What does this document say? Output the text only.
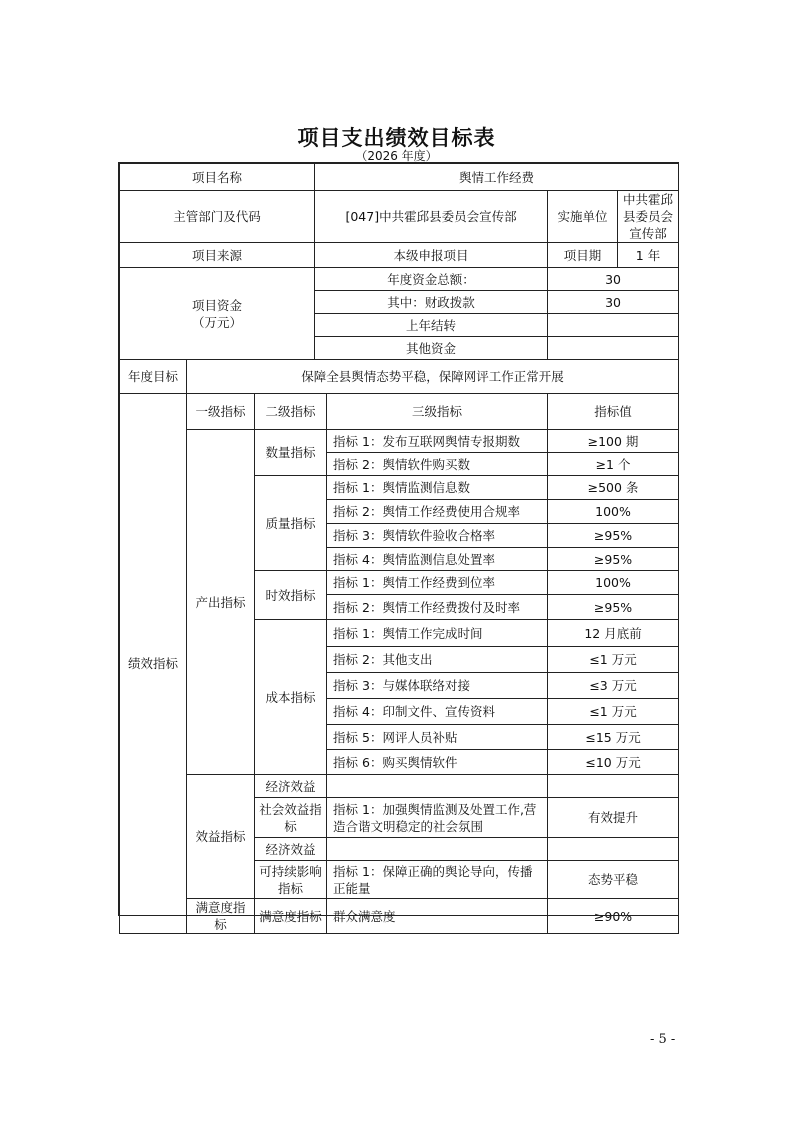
项目支出绩效目标表
（2026 年度）
项目名称			舆情工作经费			
主管部门及代码			[047]中共霍邱县委员会宣传部		实施单位	中共霍邱县委员会宣传部
项目来源			本级申报项目		项目期	1 年
项目资金
（万元）			年度资金总额：		30	
			其中：财政拨款		30	
			上年结转			
			其他资金			
年度目标	保障全县舆情态势平稳，保障网评工作正常开展					
绩效指标	一级指标	二级指标		三级指标	指标值	
	产出指标	数量指标		指标 1：发布互联网舆情专报期数	≥100 期	
				指标 2：舆情软件购买数	≥1 个	
		质量指标		指标 1：舆情监测信息数	≥500 条	
				指标 2：舆情工作经费使用合规率	100%	
				指标 3：舆情软件验收合格率	≥95%	
				指标 4：舆情监测信息处置率	≥95%	
		时效指标		指标 1：舆情工作经费到位率	100%	
				指标 2：舆情工作经费拨付及时率	≥95%	
		成本指标		指标 1：舆情工作完成时间	12 月底前	
				指标 2：其他支出	≤1 万元	
				指标 3：与媒体联络对接	≤3 万元	
				指标 4：印制文件、宣传资料	≤1 万元	
				指标 5：网评人员补贴	≤15 万元	
				指标 6：购买舆情软件	≤10 万元	
	效益指标	经济效益				
		社会效益指标		指标 1：加强舆情监测及处置工作,营造合谐文明稳定的社会氛围	有效提升	
		经济效益				
		可持续影响指标		指标 1：保障正确的舆论导向，传播正能量	态势平稳	
	满意度指标	满意度指标		群众满意度	≥90%	
- 5 -
